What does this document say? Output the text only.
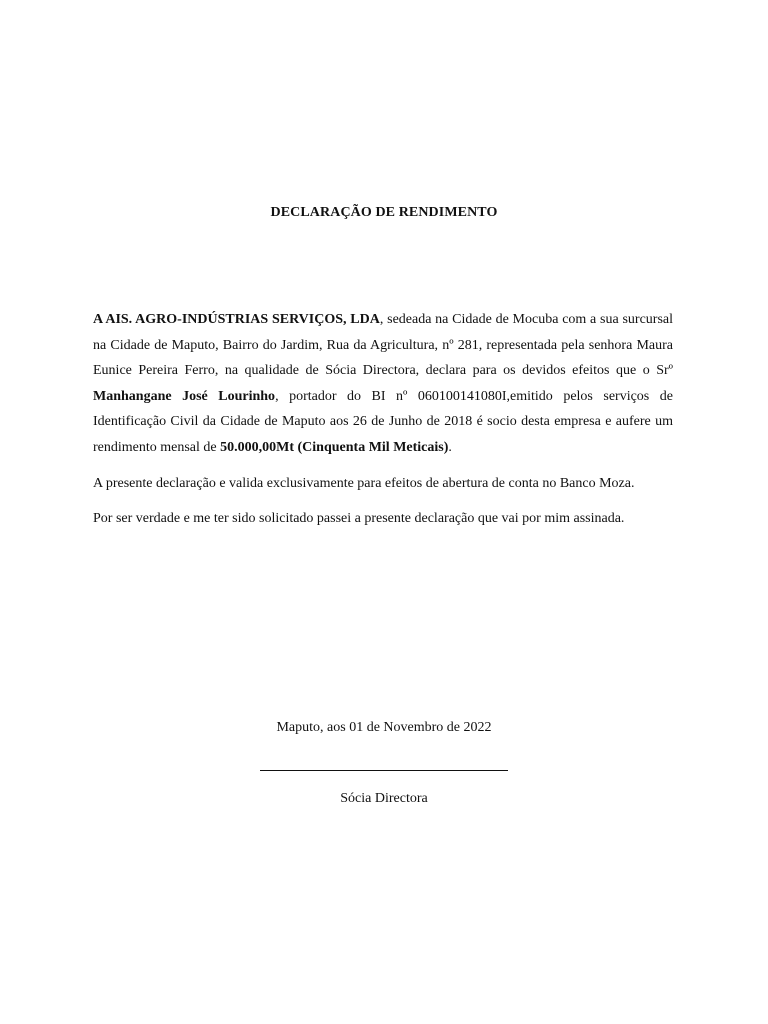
DECLARAÇÃO DE RENDIMENTO

A AIS. AGRO-INDÚSTRIAS SERVIÇOS, LDA, sedeada na Cidade de Mocuba com a sua surcursal na Cidade de Maputo, Bairro do Jardim, Rua da Agricultura, nº 281, representada pela senhora Maura Eunice Pereira Ferro, na qualidade de Sócia Directora, declara para os devidos efeitos que o Srº Manhangane José Lourinho, portador do BI nº 060100141080I,emitido pelos serviços de Identificação Civil da Cidade de Maputo aos 26 de Junho de 2018 é socio desta empresa e aufere um rendimento mensal de 50.000,00Mt (Cinquenta Mil Meticais).

A presente declaração e valida exclusivamente para efeitos de abertura de conta no Banco Moza.

Por ser verdade e me ter sido solicitado passei a presente declaração que vai por mim assinada.

Maputo, aos 01 de Novembro de 2022
Sócia Directora
